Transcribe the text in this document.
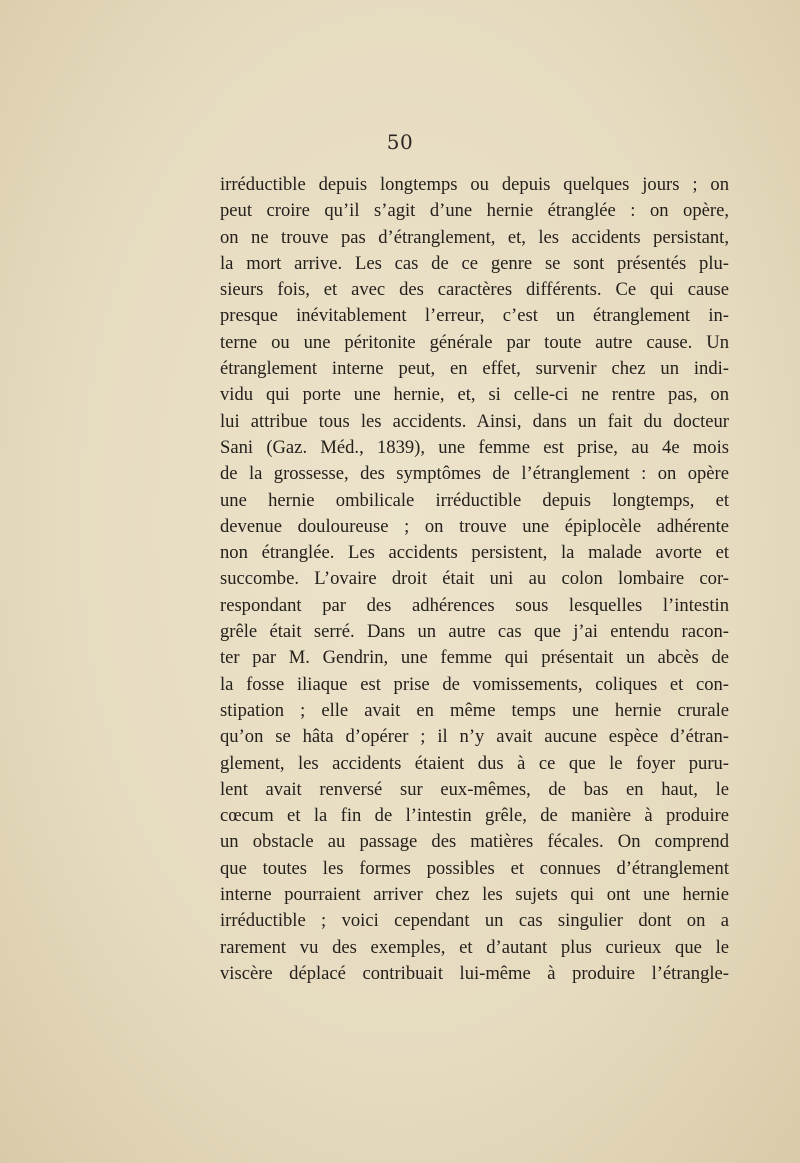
50
irréductible depuis longtemps ou depuis quelques jours ; on
peut croire qu’il s’agit d’une hernie étranglée : on opère,
on ne trouve pas d’étranglement, et, les accidents persistant,
la mort arrive. Les cas de ce genre se sont présentés plu-
sieurs fois, et avec des caractères différents. Ce qui cause
presque inévitablement l’erreur, c’est un étranglement in-
terne ou une péritonite générale par toute autre cause. Un
étranglement interne peut, en effet, survenir chez un indi-
vidu qui porte une hernie, et, si celle-ci ne rentre pas, on
lui attribue tous les accidents. Ainsi, dans un fait du docteur
Sani (Gaz. Méd., 1839), une femme est prise, au 4e mois
de la grossesse, des symptômes de l’étranglement : on opère
une hernie ombilicale irréductible depuis longtemps, et
devenue douloureuse ; on trouve une épiplocèle adhérente
non étranglée. Les accidents persistent, la malade avorte et
succombe. L’ovaire droit était uni au colon lombaire cor-
respondant par des adhérences sous lesquelles l’intestin
grêle était serré. Dans un autre cas que j’ai entendu racon-
ter par M. Gendrin, une femme qui présentait un abcès de
la fosse iliaque est prise de vomissements, coliques et con-
stipation ; elle avait en même temps une hernie crurale
qu’on se hâta d’opérer ; il n’y avait aucune espèce d’étran-
glement, les accidents étaient dus à ce que le foyer puru-
lent avait renversé sur eux-mêmes, de bas en haut, le
cœcum et la fin de l’intestin grêle, de manière à produire
un obstacle au passage des matières fécales. On comprend
que toutes les formes possibles et connues d’étranglement
interne pourraient arriver chez les sujets qui ont une hernie
irréductible ; voici cependant un cas singulier dont on a
rarement vu des exemples, et d’autant plus curieux que le
viscère déplacé contribuait lui-même à produire l’étrangle-
